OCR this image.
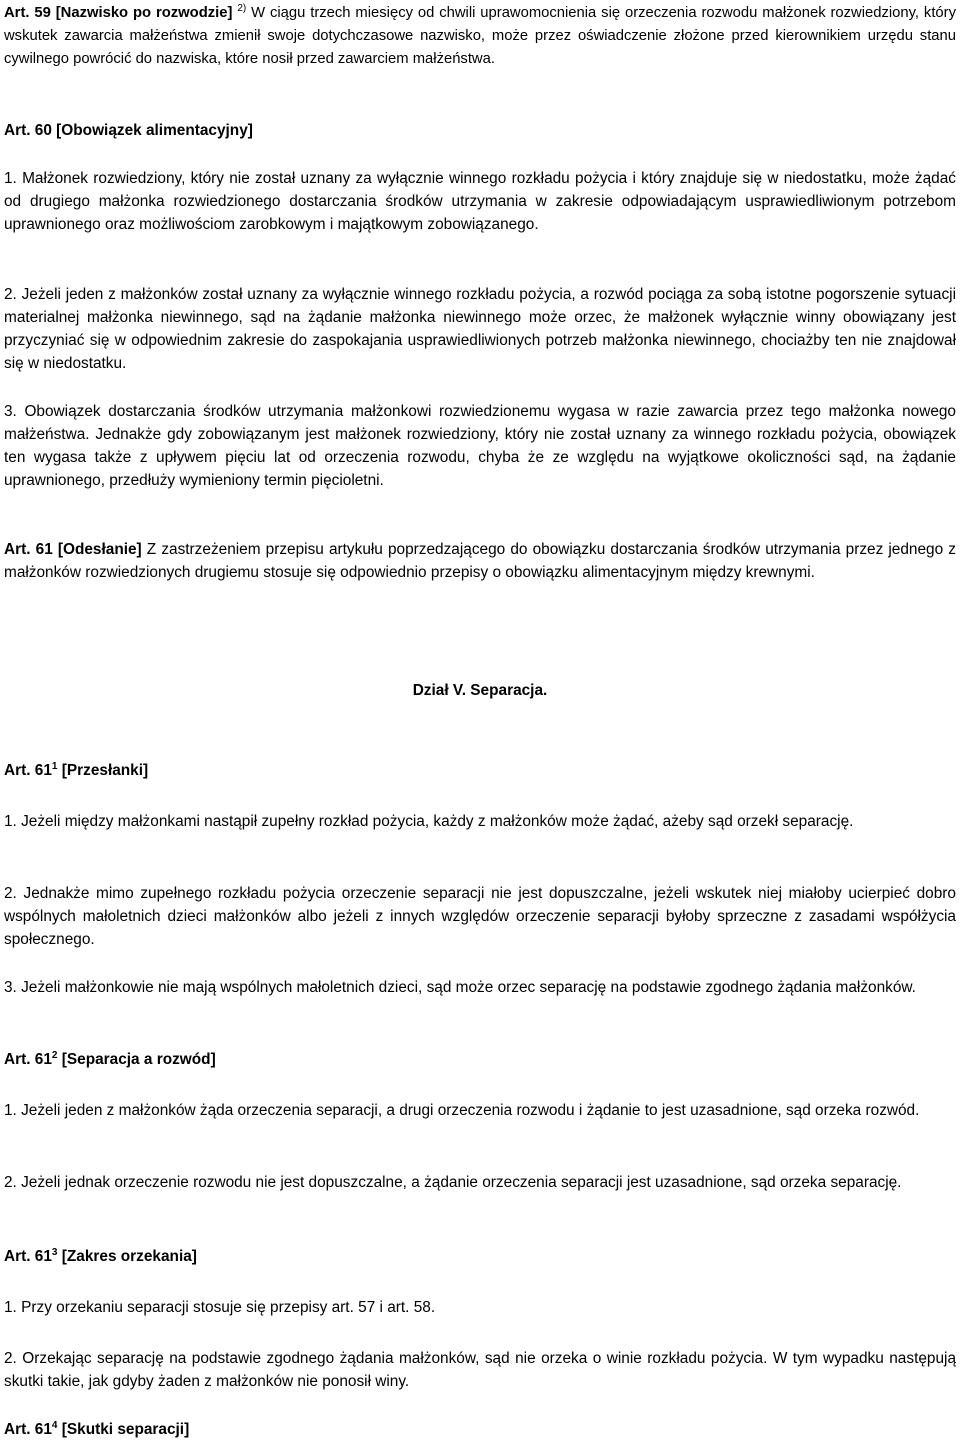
Art. 59 [Nazwisko po rozwodzie] $^{2)}$ W ciągu trzech miesięcy od chwili uprawomocnienia się orzeczenia rozwodu małżonek rozwiedziony, który wskutek zawarcia małżeństwa zmienił swoje dotychczasowe nazwisko, może przez oświadczenie złożone przed kierownikiem urzędu stanu cywilnego powrócić do nazwiska, które nosił przed zawarciem małżeństwa.

Art. 60 [Obowiązek alimentacyjny]

1. Małżonek rozwiedziony, który nie został uznany za wyłącznie winnego rozkładu pożycia i który znajduje się w niedostatku, może żądać od drugiego małżonka rozwiedzionego dostarczania środków utrzymania w zakresie odpowiadającym usprawiedliwionym potrzebom uprawnionego oraz możliwościom zarobkowym i majątkowym zobowiązanego.

2. Jeżeli jeden z małżonków został uznany za wyłącznie winnego rozkładu pożycia, a rozwód pociąga za sobą istotne pogorszenie sytuacji materialnej małżonka niewinnego, sąd na żądanie małżonka niewinnego może orzec, że małżonek wyłącznie winny obowiązany jest przyczyniać się w odpowiednim zakresie do zaspokajania usprawiedliwionych potrzeb małżonka niewinnego, chociażby ten nie znajdował się w niedostatku.

3. Obowiązek dostarczania środków utrzymania małżonkowi rozwiedzionemu wygasa w razie zawarcia przez tego małżonka nowego małżeństwa. Jednakże gdy zobowiązanym jest małżonek rozwiedziony, który nie został uznany za winnego rozkładu pożycia, obowiązek ten wygasa także z upływem pięciu lat od orzeczenia rozwodu, chyba że ze względu na wyjątkowe okoliczności sąd, na żądanie uprawnionego, przedłuży wymieniony termin pięcioletni.

Art. 61 [Odesłanie] Z zastrzeżeniem przepisu artykułu poprzedzającego do obowiązku dostarczania środków utrzymania przez jednego z małżonków rozwiedzionych drugiemu stosuje się odpowiednio przepisy o obowiązku alimentacyjnym między krewnymi.

Dział V. Separacja.

Art. $61^1$ [Przesłanki]

1. Jeżeli między małżonkami nastąpił zupełny rozkład pożycia, każdy z małżonków może żądać, ażeby sąd orzekł separację.

2. Jednakże mimo zupełnego rozkładu pożycia orzeczenie separacji nie jest dopuszczalne, jeżeli wskutek niej miałoby ucierpieć dobro wspólnych małoletnich dzieci małżonków albo jeżeli z innych względów orzeczenie separacji byłoby sprzeczne z zasadami współżycia społecznego.

3. Jeżeli małżonkowie nie mają wspólnych małoletnich dzieci, sąd może orzec separację na podstawie zgodnego żądania małżonków.

Art. $61^2$ [Separacja a rozwód]

1. Jeżeli jeden z małżonków żąda orzeczenia separacji, a drugi orzeczenia rozwodu i żądanie to jest uzasadnione, sąd orzeka rozwód.

2. Jeżeli jednak orzeczenie rozwodu nie jest dopuszczalne, a żądanie orzeczenia separacji jest uzasadnione, sąd orzeka separację.

Art. $61^3$ [Zakres orzekania]

1. Przy orzekaniu separacji stosuje się przepisy art. 57 i art. 58.

2. Orzekając separację na podstawie zgodnego żądania małżonków, sąd nie orzeka o winie rozkładu pożycia. W tym wypadku następują skutki takie, jak gdyby żaden z małżonków nie ponosił winy.

Art. $61^4$ [Skutki separacji]
